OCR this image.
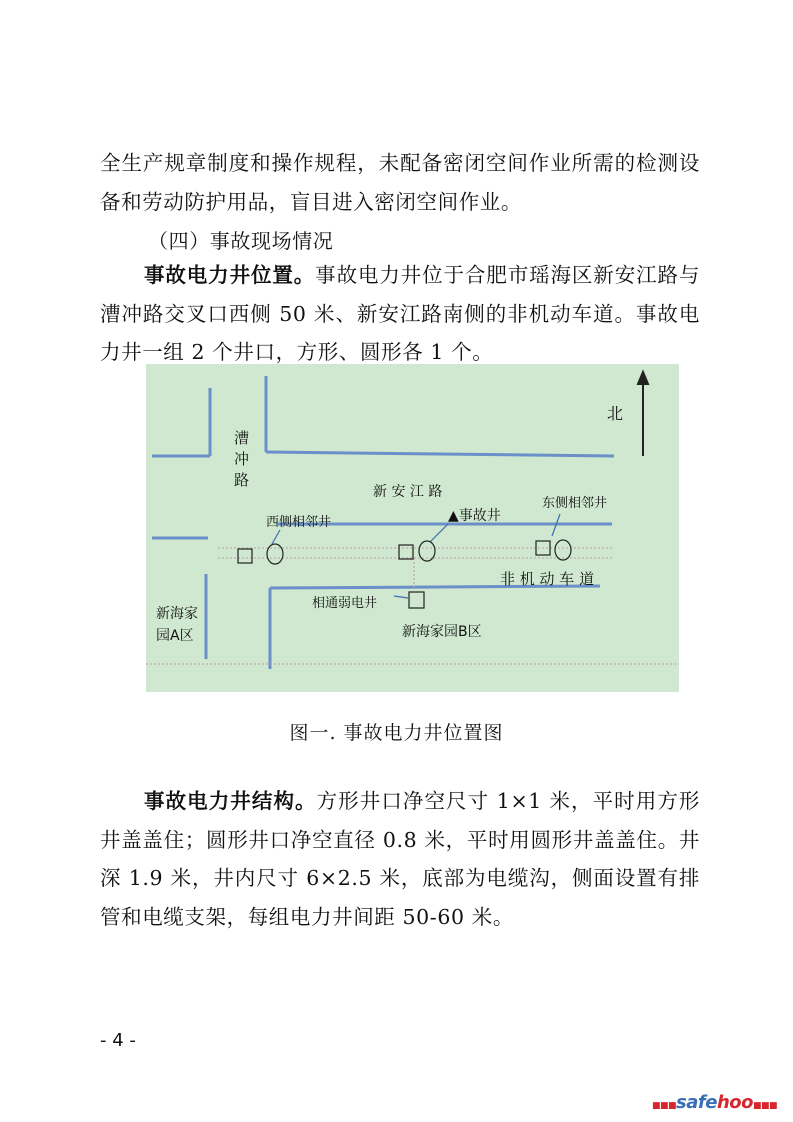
全生产规章制度和操作规程，未配备密闭空间作业所需的检测设备和劳动防护用品，盲目进入密闭空间作业。

（四）事故现场情况

事故电力井位置。事故电力井位于合肥市瑶海区新安江路与漕冲路交叉口西侧 50 米、新安江路南侧的非机动车道。事故电力井一组 2 个井口，方形、圆形各 1 个。

北
漕
冲
路
新 安 江 路
西侧相邻井	▲事故井
东侧相邻井
非 机 动 车 道
相通弱电井
新海家
园A区	新海家园B区

图一. 事故电力井位置图

事故电力井结构。方形井口净空尺寸 1×1 米，平时用方形井盖盖住；圆形井口净空直径 0.8 米，平时用圆形井盖盖住。井深 1.9 米，井内尺寸 6×2.5 米，底部为电缆沟，侧面设置有排管和电缆支架，每组电力井间距 50-60 米。

- 4 -
■■■safehoo■■■
